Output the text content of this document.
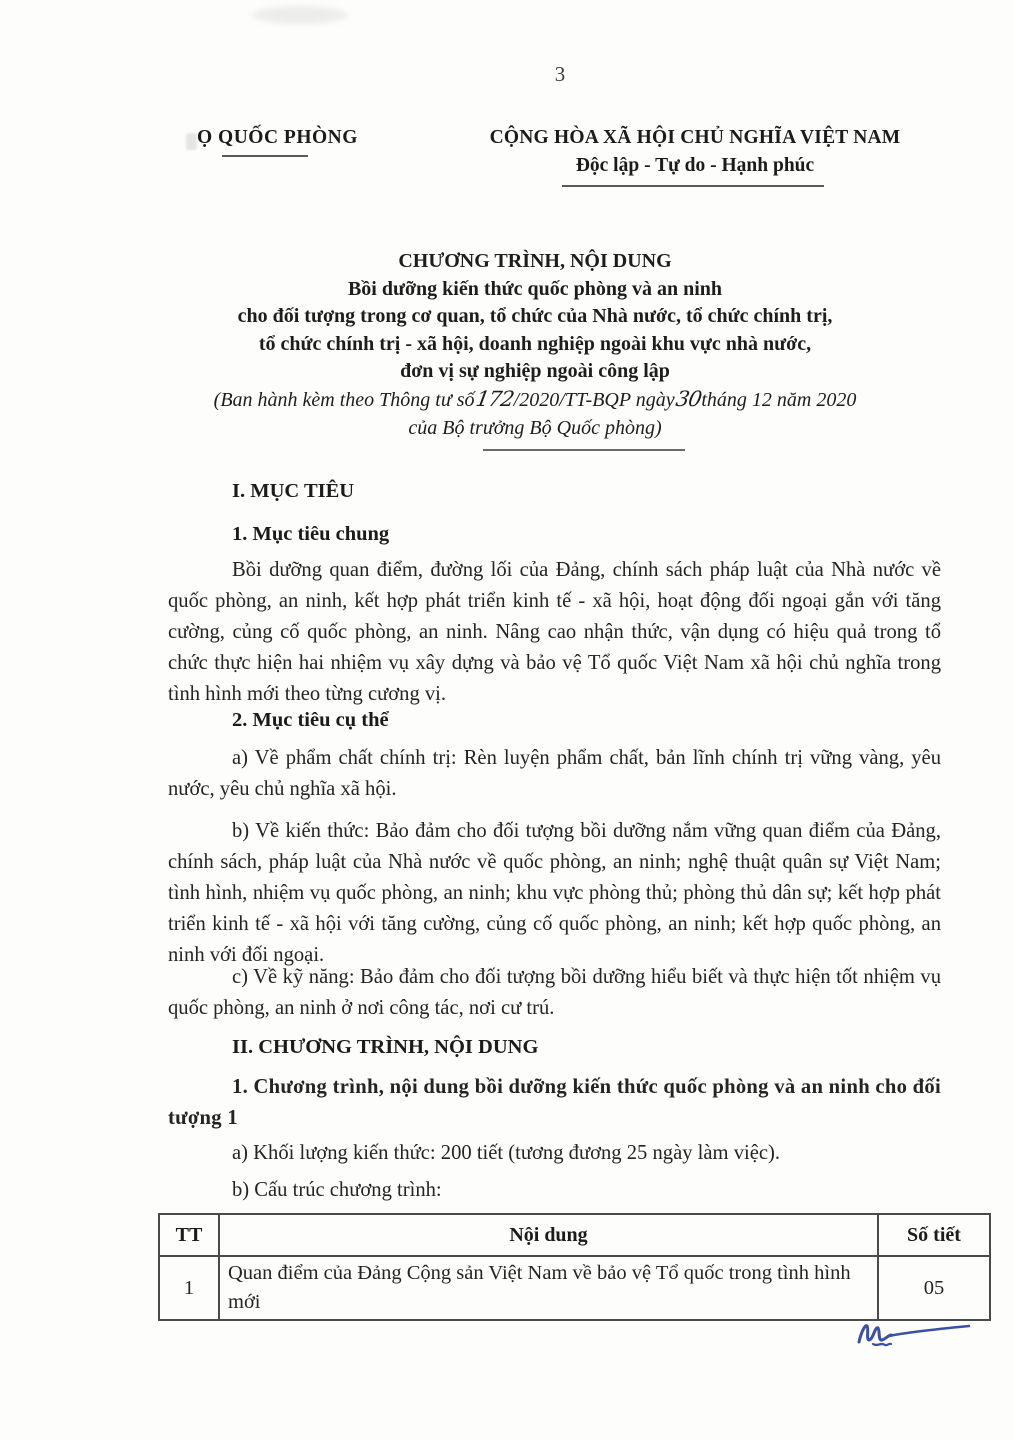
3
Ọ QUỐC PHÒNG	CỘNG HÒA XÃ HỘI CHỦ NGHĨA VIỆT NAM
Độc lập - Tự do - Hạnh phúc
CHƯƠNG TRÌNH, NỘI DUNG
Bồi dưỡng kiến thức quốc phòng và an ninh
cho đối tượng trong cơ quan, tổ chức của Nhà nước, tổ chức chính trị,
tổ chức chính trị - xã hội, doanh nghiệp ngoài khu vực nhà nước,
đơn vị sự nghiệp ngoài công lập
(Ban hành kèm theo Thông tư số172/2020/TT-BQP ngày30tháng 12 năm 2020
của Bộ trưởng Bộ Quốc phòng)
I. MỤC TIÊU
1. Mục tiêu chung
Bồi dưỡng quan điểm, đường lối của Đảng, chính sách pháp luật của Nhà nước về quốc phòng, an ninh, kết hợp phát triển kinh tế - xã hội, hoạt động đối ngoại gắn với tăng cường, củng cố quốc phòng, an ninh. Nâng cao nhận thức, vận dụng có hiệu quả trong tổ chức thực hiện hai nhiệm vụ xây dựng và bảo vệ Tổ quốc Việt Nam xã hội chủ nghĩa trong tình hình mới theo từng cương vị.
2. Mục tiêu cụ thể
a) Về phẩm chất chính trị: Rèn luyện phẩm chất, bản lĩnh chính trị vững vàng, yêu nước, yêu chủ nghĩa xã hội.
b) Về kiến thức: Bảo đảm cho đối tượng bồi dưỡng nắm vững quan điểm của Đảng, chính sách, pháp luật của Nhà nước về quốc phòng, an ninh; nghệ thuật quân sự Việt Nam; tình hình, nhiệm vụ quốc phòng, an ninh; khu vực phòng thủ; phòng thủ dân sự; kết hợp phát triển kinh tế - xã hội với tăng cường, củng cố quốc phòng, an ninh; kết hợp quốc phòng, an ninh với đối ngoại.
c) Về kỹ năng: Bảo đảm cho đối tượng bồi dưỡng hiểu biết và thực hiện tốt nhiệm vụ quốc phòng, an ninh ở nơi công tác, nơi cư trú.
II. CHƯƠNG TRÌNH, NỘI DUNG
1. Chương trình, nội dung bồi dưỡng kiến thức quốc phòng và an ninh cho đối tượng 1
a) Khối lượng kiến thức: 200 tiết (tương đương 25 ngày làm việc).
b) Cấu trúc chương trình:
TT	Nội dung	Số tiết
1	Quan điểm của Đảng Cộng sản Việt Nam về bảo vệ Tổ quốc trong tình hình mới	05
